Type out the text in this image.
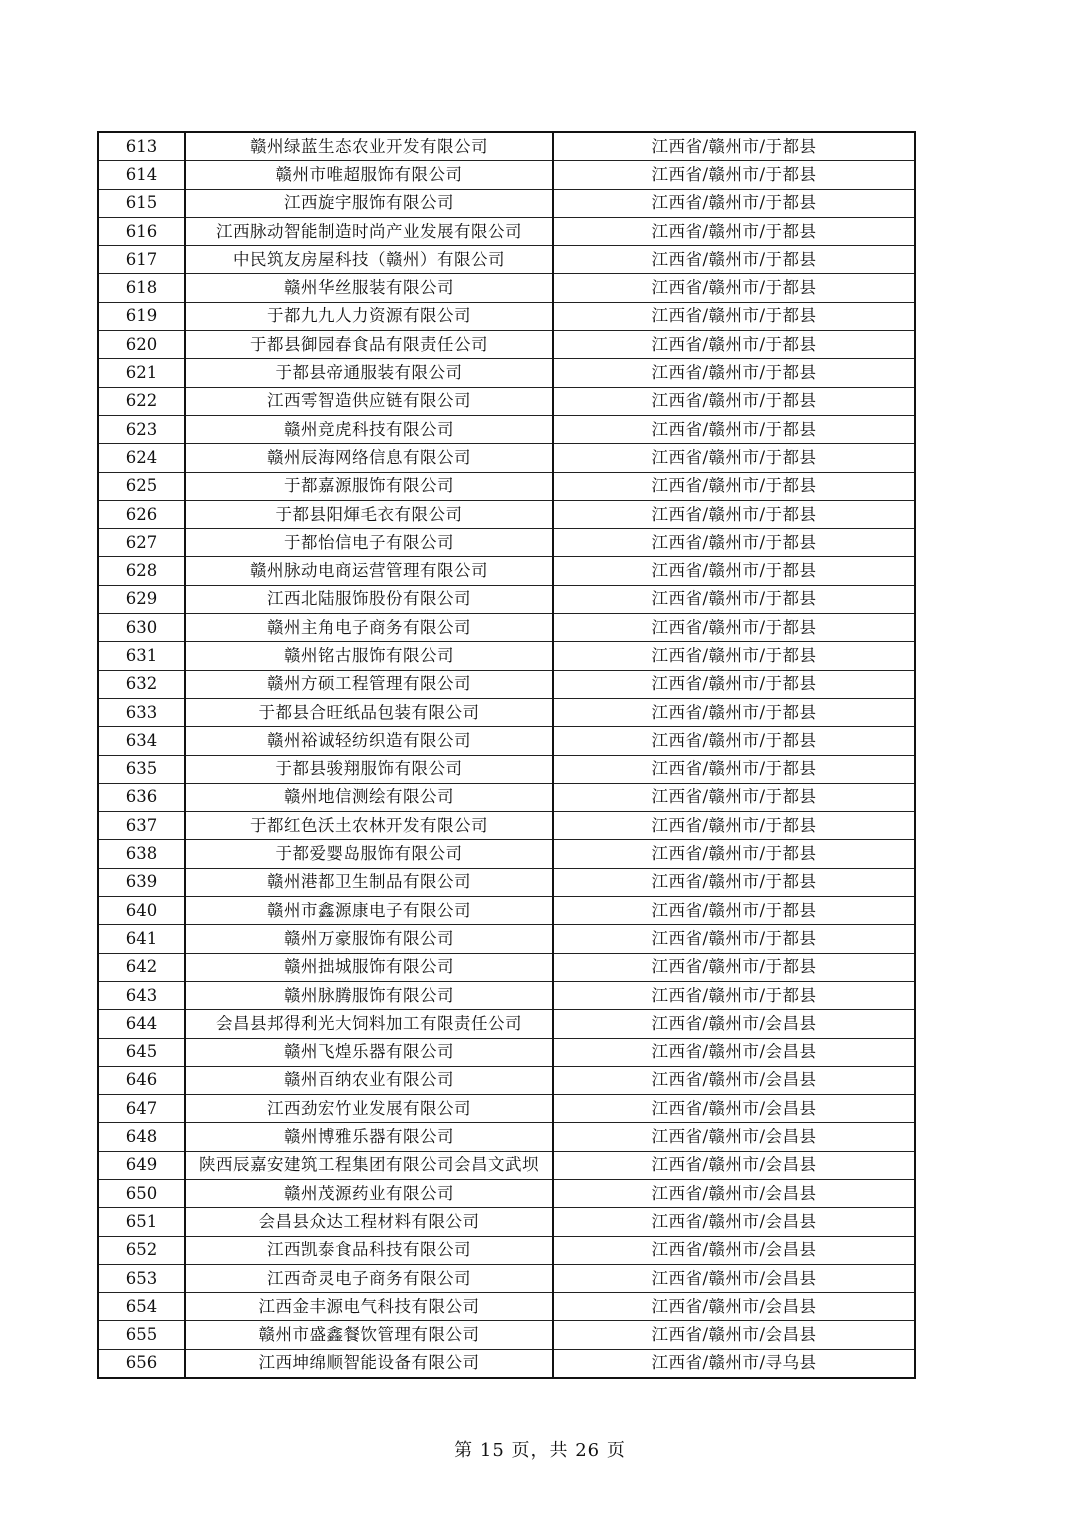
613	赣州绿蓝生态农业开发有限公司	江西省/赣州市/于都县
614	赣州市唯超服饰有限公司	江西省/赣州市/于都县
615	江西旋宇服饰有限公司	江西省/赣州市/于都县
616	江西脉动智能制造时尚产业发展有限公司	江西省/赣州市/于都县
617	中民筑友房屋科技（赣州）有限公司	江西省/赣州市/于都县
618	赣州华丝服装有限公司	江西省/赣州市/于都县
619	于都九九人力资源有限公司	江西省/赣州市/于都县
620	于都县御园春食品有限责任公司	江西省/赣州市/于都县
621	于都县帝通服装有限公司	江西省/赣州市/于都县
622	江西雩智造供应链有限公司	江西省/赣州市/于都县
623	赣州竞虎科技有限公司	江西省/赣州市/于都县
624	赣州辰海网络信息有限公司	江西省/赣州市/于都县
625	于都嘉源服饰有限公司	江西省/赣州市/于都县
626	于都县阳煇毛衣有限公司	江西省/赣州市/于都县
627	于都怡信电子有限公司	江西省/赣州市/于都县
628	赣州脉动电商运营管理有限公司	江西省/赣州市/于都县
629	江西北陆服饰股份有限公司	江西省/赣州市/于都县
630	赣州主角电子商务有限公司	江西省/赣州市/于都县
631	赣州铭古服饰有限公司	江西省/赣州市/于都县
632	赣州方硕工程管理有限公司	江西省/赣州市/于都县
633	于都县合旺纸品包装有限公司	江西省/赣州市/于都县
634	赣州裕诚轻纺织造有限公司	江西省/赣州市/于都县
635	于都县骏翔服饰有限公司	江西省/赣州市/于都县
636	赣州地信测绘有限公司	江西省/赣州市/于都县
637	于都红色沃土农林开发有限公司	江西省/赣州市/于都县
638	于都爱婴岛服饰有限公司	江西省/赣州市/于都县
639	赣州港都卫生制品有限公司	江西省/赣州市/于都县
640	赣州市鑫源康电子有限公司	江西省/赣州市/于都县
641	赣州万豪服饰有限公司	江西省/赣州市/于都县
642	赣州拙城服饰有限公司	江西省/赣州市/于都县
643	赣州脉腾服饰有限公司	江西省/赣州市/于都县
644	会昌县邦得利光大饲料加工有限责任公司	江西省/赣州市/会昌县
645	赣州飞煌乐器有限公司	江西省/赣州市/会昌县
646	赣州百纳农业有限公司	江西省/赣州市/会昌县
647	江西劲宏竹业发展有限公司	江西省/赣州市/会昌县
648	赣州博雅乐器有限公司	江西省/赣州市/会昌县
649	陕西辰嘉安建筑工程集团有限公司会昌文武坝	江西省/赣州市/会昌县
650	赣州茂源药业有限公司	江西省/赣州市/会昌县
651	会昌县众达工程材料有限公司	江西省/赣州市/会昌县
652	江西凯泰食品科技有限公司	江西省/赣州市/会昌县
653	江西奇灵电子商务有限公司	江西省/赣州市/会昌县
654	江西金丰源电气科技有限公司	江西省/赣州市/会昌县
655	赣州市盛鑫餐饮管理有限公司	江西省/赣州市/会昌县
656	江西坤绵顺智能设备有限公司	江西省/赣州市/寻乌县
第 15 页，共 26 页
